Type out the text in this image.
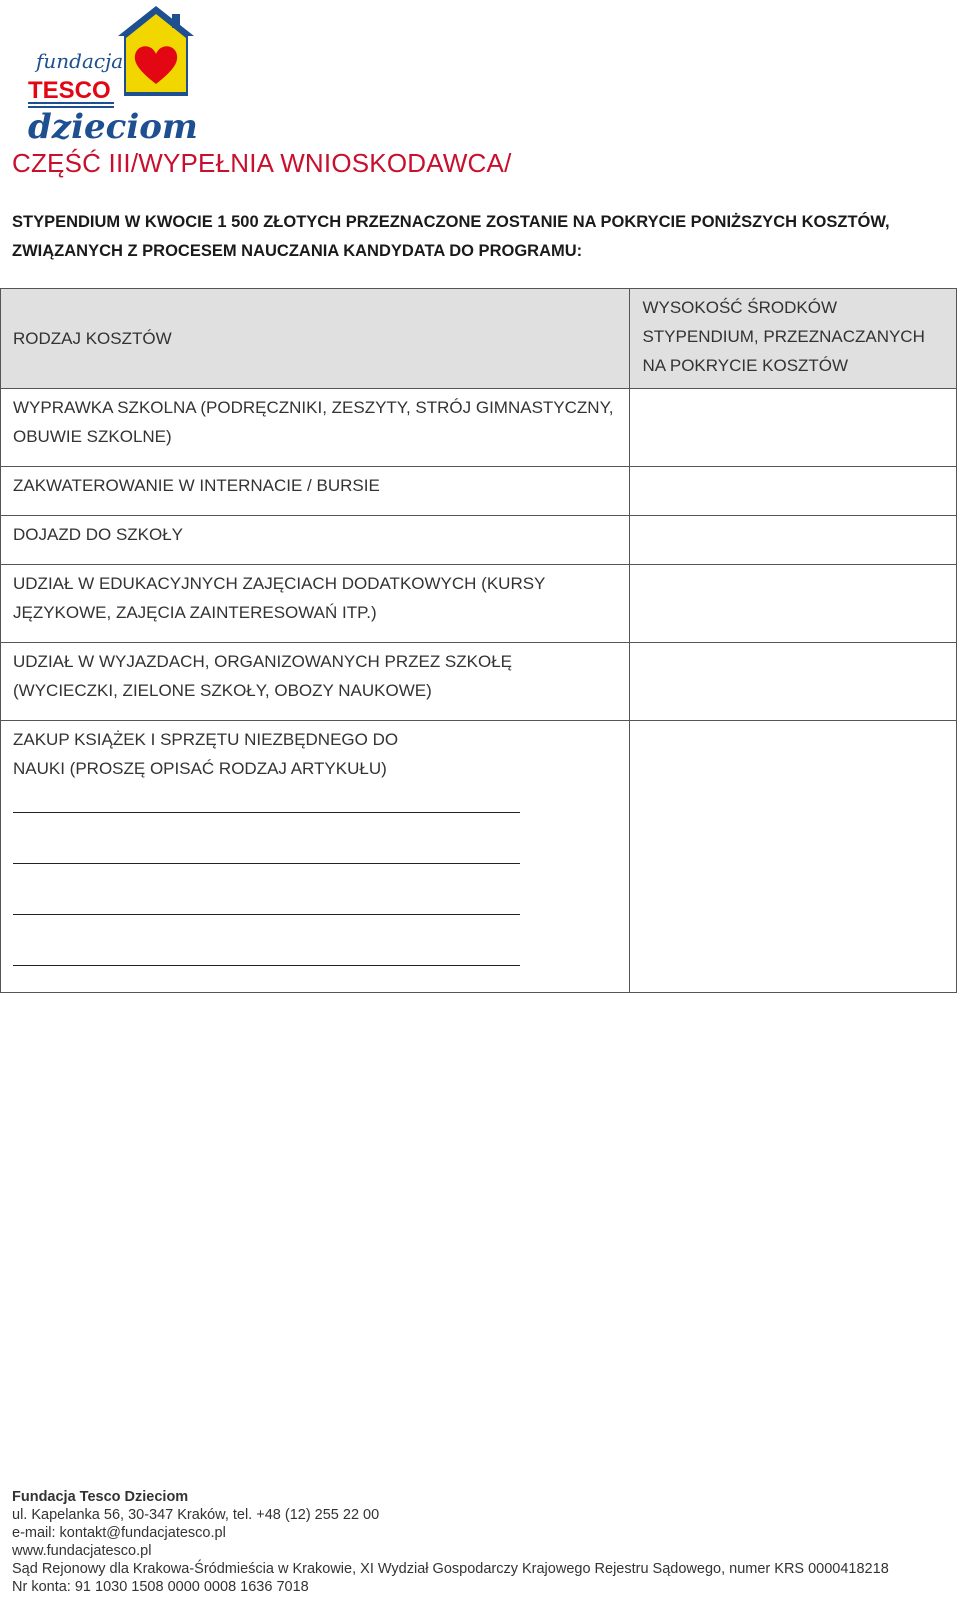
fundacja
TESCO
dzieciom
CZĘŚĆ III/WYPEŁNIA WNIOSKODAWCA/
STYPENDIUM W KWOCIE 1 500 ZŁOTYCH PRZEZNACZONE ZOSTANIE NA POKRYCIE PONIŻSZYCH KOSZTÓW, ZWIĄZANYCH Z PROCESEM NAUCZANIA KANDYDATA DO PROGRAMU:
RODZAJ KOSZTÓW	WYSOKOŚĆ ŚRODKÓW STYPENDIUM, PRZEZNACZANYCH NA POKRYCIE KOSZTÓW
WYPRAWKA SZKOLNA (PODRĘCZNIKI, ZESZYTY, STRÓJ GIMNASTYCZNY, OBUWIE SZKOLNE)	
ZAKWATEROWANIE W INTERNACIE / BURSIE	
DOJAZD DO SZKOŁY	
UDZIAŁ W EDUKACYJNYCH ZAJĘCIACH DODATKOWYCH (KURSY JĘZYKOWE, ZAJĘCIA ZAINTERESOWAŃ ITP.)	
UDZIAŁ W WYJAZDACH, ORGANIZOWANYCH PRZEZ SZKOŁĘ (WYCIECZKI, ZIELONE SZKOŁY, OBOZY NAUKOWE)	

ZAKUP KSIĄŻEK I SPRZĘTU NIEZBĘDNEGO DO NAUKI (PROSZĘ OPISAĆ RODZAJ ARTYKUŁU)	

Fundacja Tesco Dzieciom
ul. Kapelanka 56, 30-347 Kraków, tel. +48 (12) 255 22 00
e-mail: kontakt@fundacjatesco.pl
www.fundacjatesco.pl
Sąd Rejonowy dla Krakowa-Śródmieścia w Krakowie, XI Wydział Gospodarczy Krajowego Rejestru Sądowego, numer KRS 0000418218
Nr konta: 91 1030 1508 0000 0008 1636 7018
